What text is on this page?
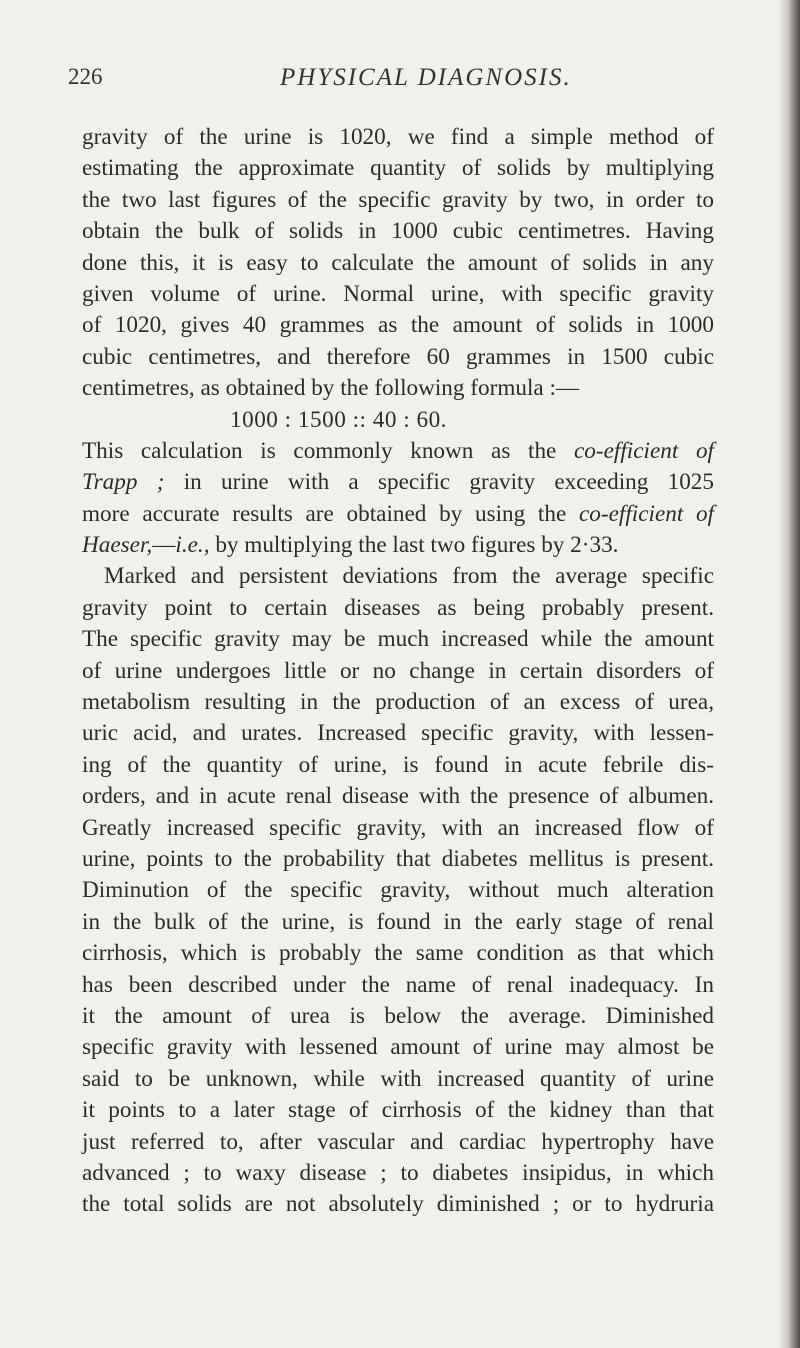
226	PHYSICAL DIAGNOSIS.
gravity of the urine is 1020, we find a simple method of
estimating the approximate quantity of solids by multiplying
the two last figures of the specific gravity by two, in order to
obtain the bulk of solids in 1000 cubic centimetres. Having
done this, it is easy to calculate the amount of solids in any
given volume of urine. Normal urine, with specific gravity
of 1020, gives 40 grammes as the amount of solids in 1000
cubic centimetres, and therefore 60 grammes in 1500 cubic
centimetres, as obtained by the following formula :—
1000 : 1500 :: 40 : 60.
This calculation is commonly known as the co-efficient of
Trapp ; in urine with a specific gravity exceeding 1025
more accurate results are obtained by using the co-efficient of
Haeser,—i.e., by multiplying the last two figures by 2·33.
Marked and persistent deviations from the average specific
gravity point to certain diseases as being probably present.
The specific gravity may be much increased while the amount
of urine undergoes little or no change in certain disorders of
metabolism resulting in the production of an excess of urea,
uric acid, and urates. Increased specific gravity, with lessen-
ing of the quantity of urine, is found in acute febrile dis-
orders, and in acute renal disease with the presence of albumen.
Greatly increased specific gravity, with an increased flow of
urine, points to the probability that diabetes mellitus is present.
Diminution of the specific gravity, without much alteration
in the bulk of the urine, is found in the early stage of renal
cirrhosis, which is probably the same condition as that which
has been described under the name of renal inadequacy. In
it the amount of urea is below the average. Diminished
specific gravity with lessened amount of urine may almost be
said to be unknown, while with increased quantity of urine
it points to a later stage of cirrhosis of the kidney than that
just referred to, after vascular and cardiac hypertrophy have
advanced ; to waxy disease ; to diabetes insipidus, in which
the total solids are not absolutely diminished ; or to hydruria
